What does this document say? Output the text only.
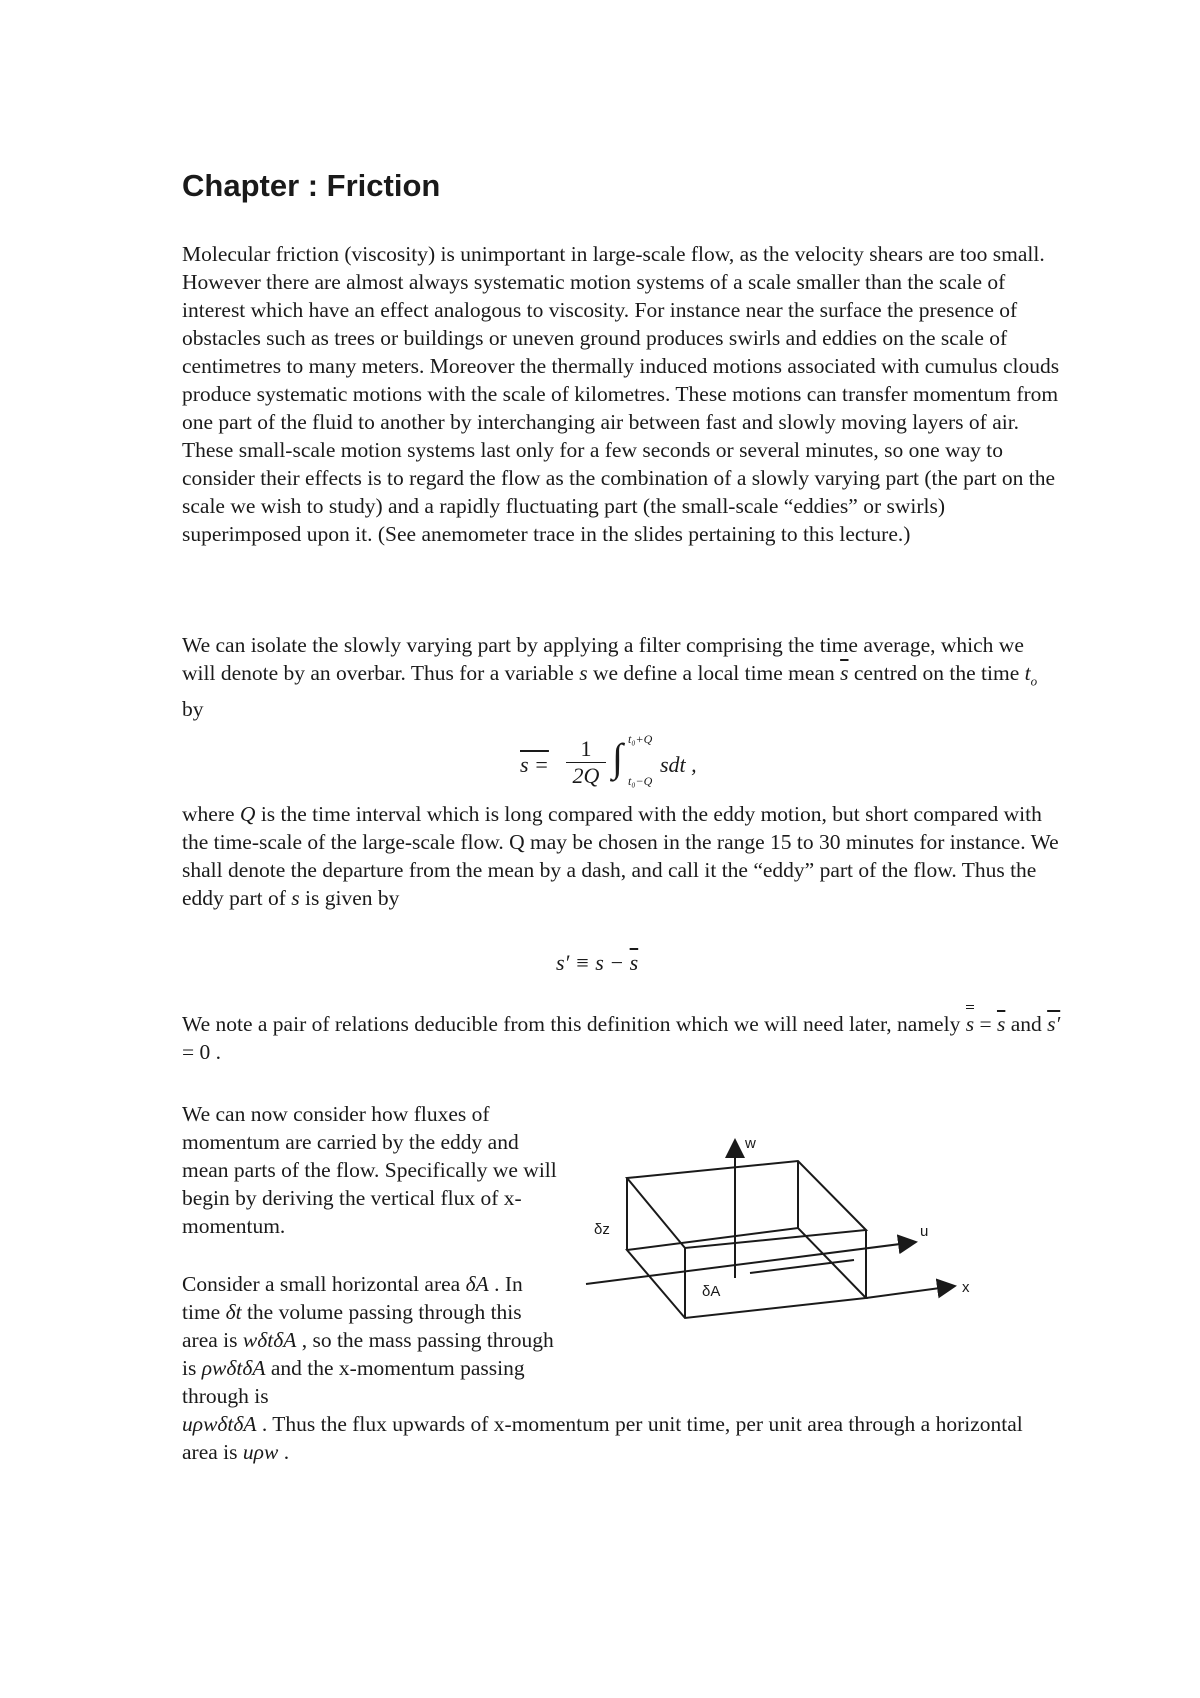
Chapter : Friction

Molecular friction (viscosity) is unimportant in large-scale flow, as the velocity shears are too small. However there are almost always systematic motion systems of a scale smaller than the scale of interest which have an effect analogous to viscosity. For instance near the surface the presence of obstacles such as trees or buildings or uneven ground produces swirls and eddies on the scale of centimetres to many meters. Moreover the thermally induced motions associated with cumulus clouds produce systematic motions with the scale of kilometres. These motions can transfer momentum from one part of the fluid to another by interchanging air between fast and slowly moving layers of air. These small-scale motion systems last only for a few seconds or several minutes, so one way to consider their effects is to regard the flow as the combination of a slowly varying part (the part on the scale we wish to study) and a rapidly fluctuating part (the small-scale “eddies” or swirls) superimposed upon it. (See anemometer trace in the slides pertaining to this lecture.)

We can isolate the slowly varying part by applying a filter comprising the time average, which we will denote by an overbar. Thus for a variable s we define a local time mean $\overline{s}$ centred on the time $t_o$ by

$s = \frac{1}{2Q}$ ∫ t₀+Q
t₀−Q
sdt ,

where Q is the time interval which is long compared with the eddy motion, but short compared with the time-scale of the large-scale flow. Q may be chosen in the range 15 to 30 minutes for instance. We shall denote the departure from the mean by a dash, and call it the “eddy” part of the flow. Thus the eddy part of s is given by

$s' \equiv s - \overline{s}$

We note a pair of relations deducible from this definition which we will need later, namely $s = \overline{s}$ and s′ = 0 .

We can now consider how fluxes of momentum are carried by the eddy and mean parts of the flow. Specifically we will begin by deriving the vertical flux of x-momentum.

Consider a small horizontal area δA . In time δt the volume passing through this area is wδtδA , so the mass passing through is ρwδtδA and the x-momentum passing through is

uρwδtδA . Thus the flux upwards of x-momentum per unit time, per unit area through a horizontal area is uρw .

w
u
x
δz
δA
